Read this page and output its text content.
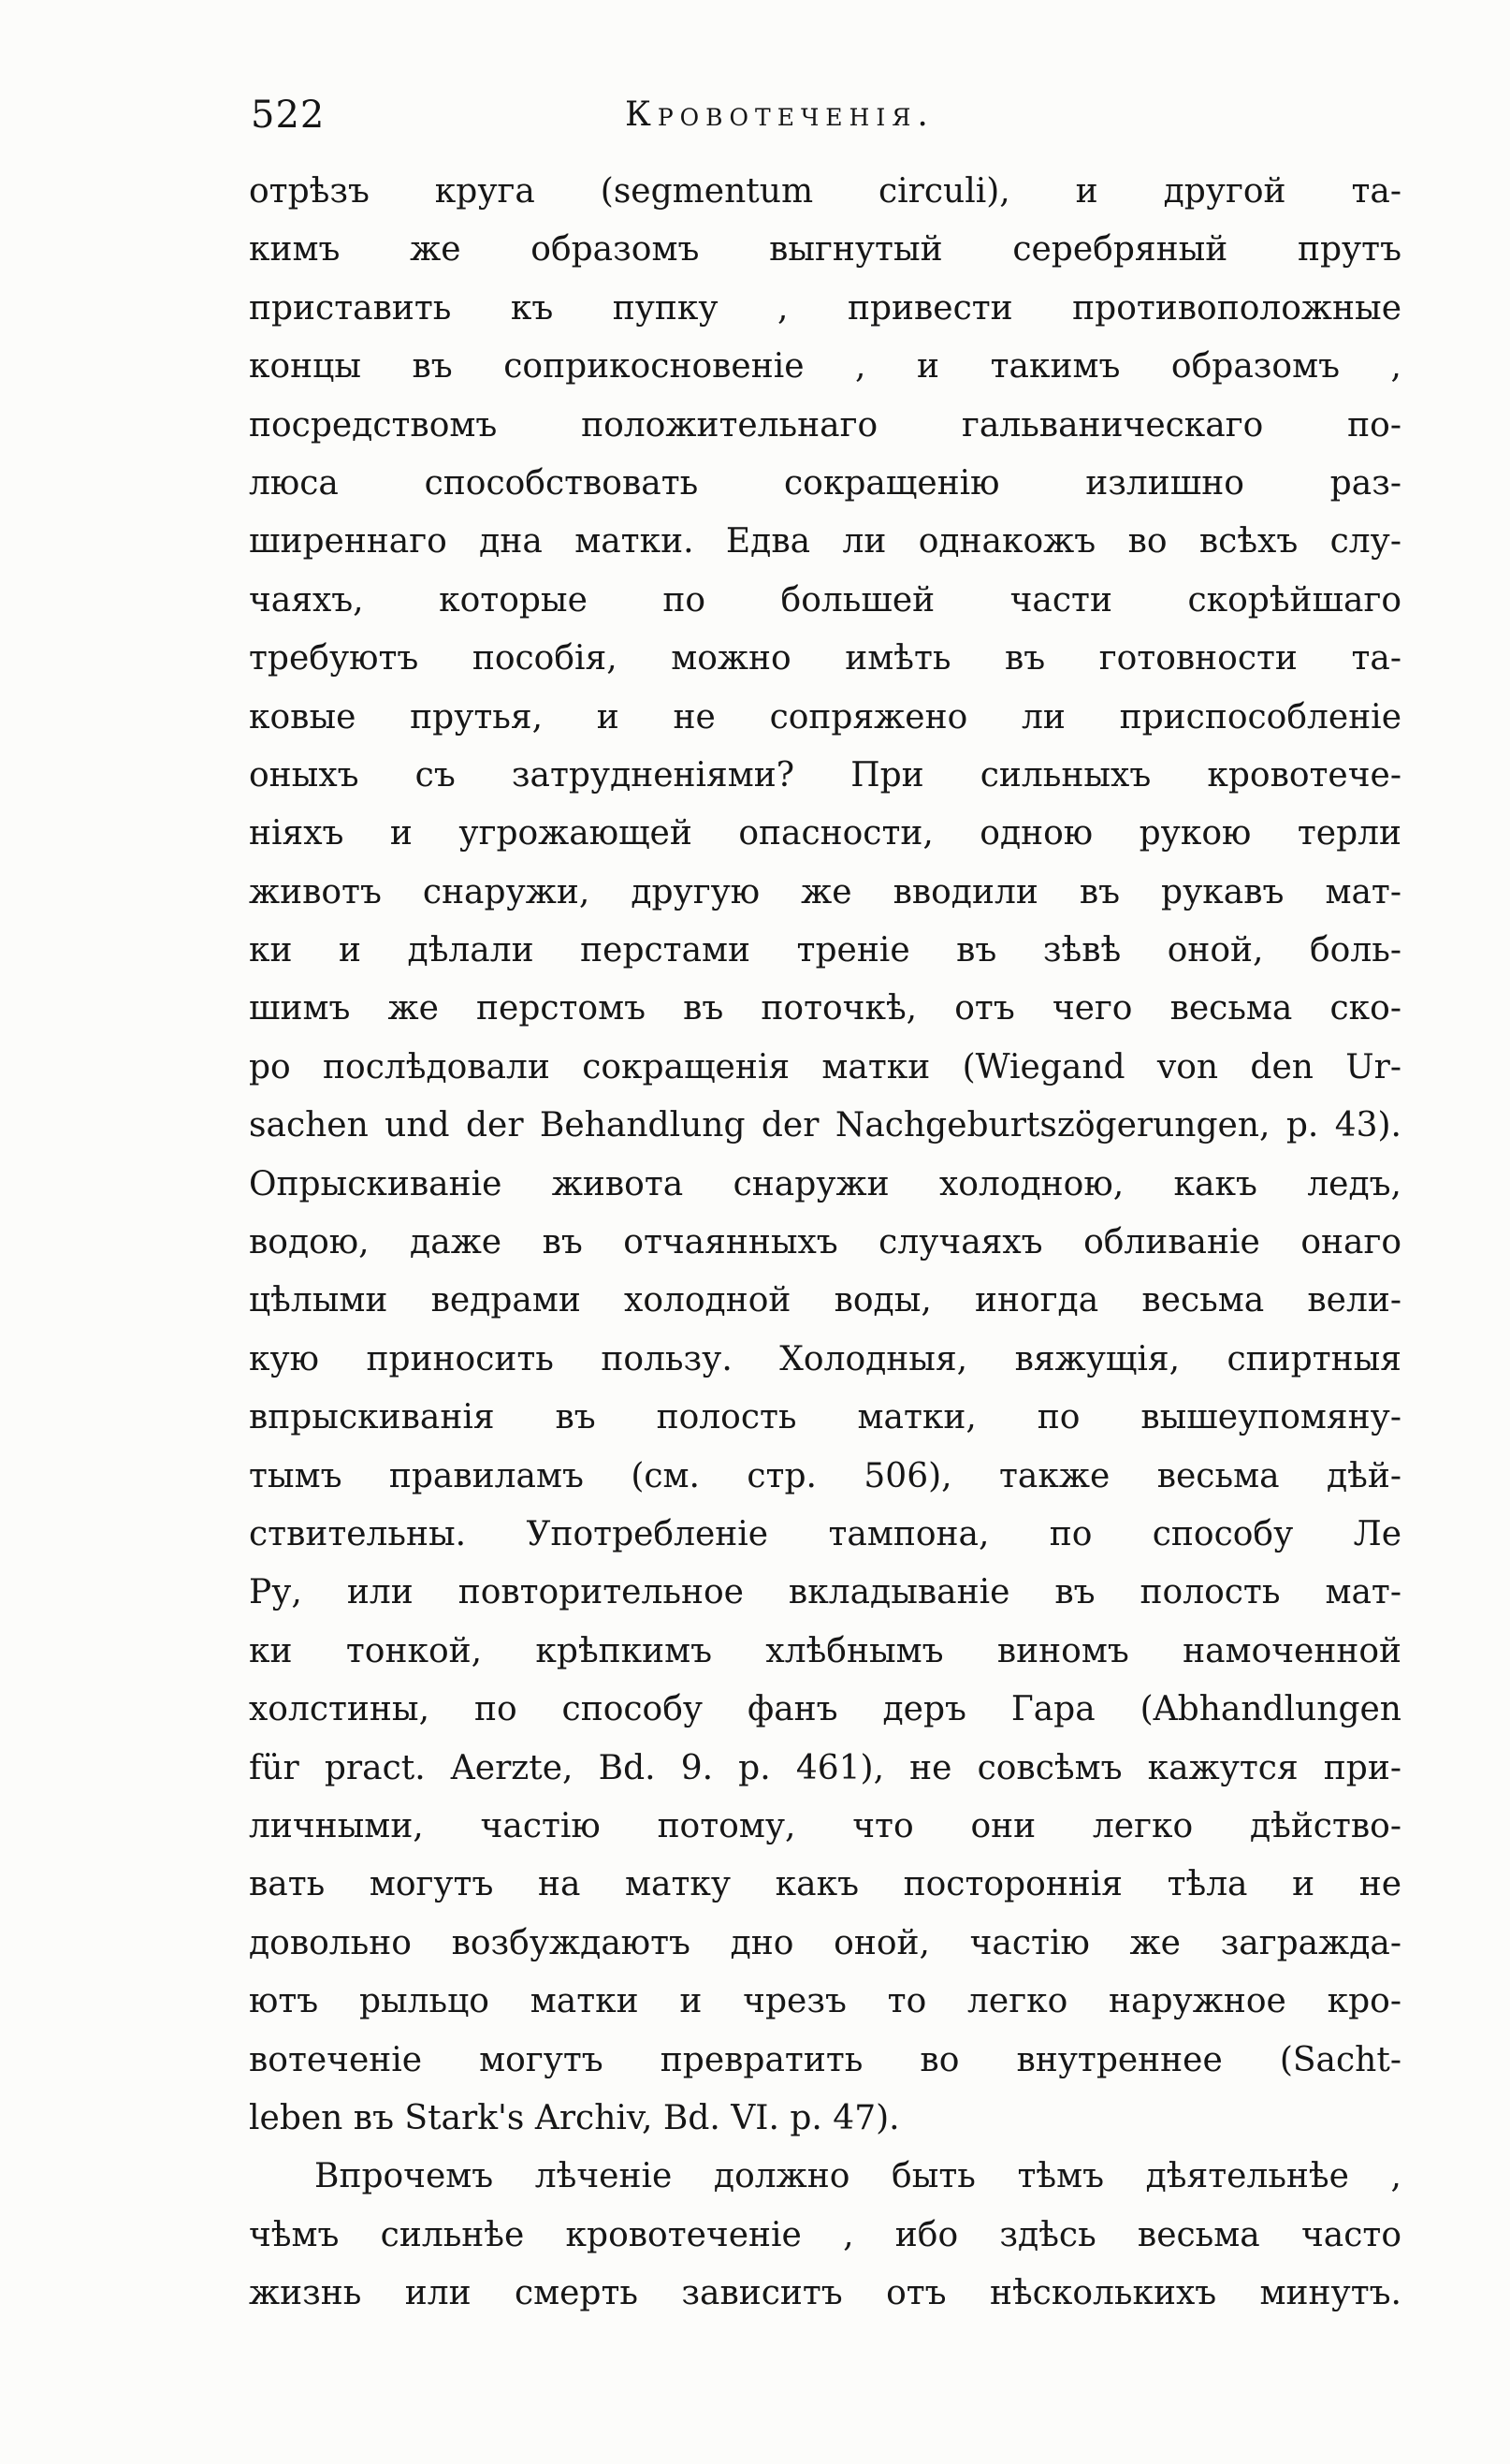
522	Кровотеченія.
отрѣзъ круга (segmentum circuli), и другой та-
кимъ же образомъ выгнутый серебряный прутъ
приставить къ пупку , привести противоположные
концы въ соприкосновеніе , и такимъ образомъ ,
посредствомъ положительнаго гальваническаго по-
люса способствовать сокращенію излишно раз-
ширеннаго дна матки. Едва ли однакожъ во всѣхъ слу-
чаяхъ, которые по большей части скорѣйшаго
требуютъ пособія, можно имѣть въ готовности та-
ковые прутья, и не сопряжено ли приспособленіе
оныхъ съ затрудненіями? При сильныхъ кровотече-
ніяхъ и угрожающей опасности, одною рукою терли
животъ снаружи, другую же вводили въ рукавъ мат-
ки и дѣлали перстами треніе въ зѣвѣ оной, боль-
шимъ же перстомъ въ поточкѣ, отъ чего весьма ско-
ро послѣдовали сокращенія матки (Wiegand von den Ur-
sachen und der Behandlung der Nachgeburtszögerungen, p. 43).
Опрыскиваніе живота снаружи холодною, какъ ледъ,
водою, даже въ отчаянныхъ случаяхъ обливаніе онаго
цѣлыми ведрами холодной воды, иногда весьма вели-
кую приносить пользу. Холодныя, вяжущія, спиртныя
впрыскиванія въ полость матки, по вышеупомяну-
тымъ правиламъ (см. стр. 506), также весьма дѣй-
ствительны. Употребленіе тампона, по способу Ле
Ру, или повторительное вкладываніе въ полость мат-
ки тонкой, крѣпкимъ хлѣбнымъ виномъ намоченной
холстины, по способу фанъ деръ Гара (Abhandlungen
für pract. Aerzte, Bd. 9. p. 461), не совсѣмъ кажутся при-
личными, частію потому, что они легко дѣйство-
вать могутъ на матку какъ постороннія тѣла и не
довольно возбуждаютъ дно оной, частію же загражда-
ютъ рыльцо матки и чрезъ то легко наружное кро-
вотеченіе могутъ превратить во внутреннее (Sacht-
leben въ Stark's Archiv, Bd. VI. p. 47).
Впрочемъ лѣченіе должно быть тѣмъ дѣятельнѣе ,
чѣмъ сильнѣе кровотеченіе , ибо здѣсь весьма часто
жизнь или смерть зависитъ отъ нѣсколькихъ минутъ.
